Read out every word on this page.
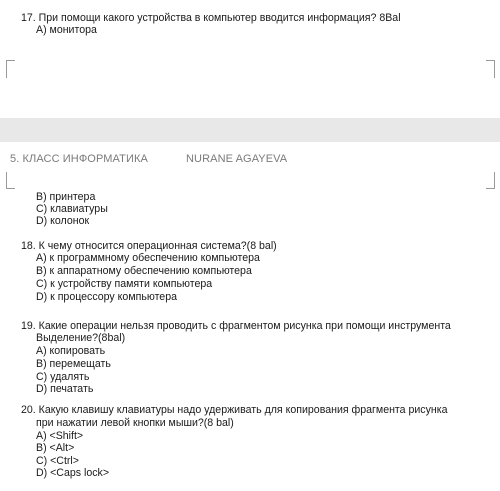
17. При помощи какого устройства в компьютер вводится информация? 8Bal
A) монитора
5. КЛАСС ИНФОРМАТИКА	NURANE AGAYEVA
B) принтера
C) клавиатуры
D) колонок
18. К чему относится операционная система?(8 bal)
A) к программному обеспечению компьютера
B) к аппаратному обеспечению компьютера
C) к устройству памяти компьютера
D) к процессору компьютера
19. Какие операции нельзя проводить с фрагментом рисунка при помощи инструмента
Выделение?(8bal)
A) копировать
B) перемещать
C) удалять
D) печатать
20. Какую клавишу клавиатуры надо удерживать для копирования фрагмента рисунка
при нажатии левой кнопки мыши?(8 bal)
A) <Shift>
B) <Alt>
C) <Ctrl>
D) <Caps lock>
